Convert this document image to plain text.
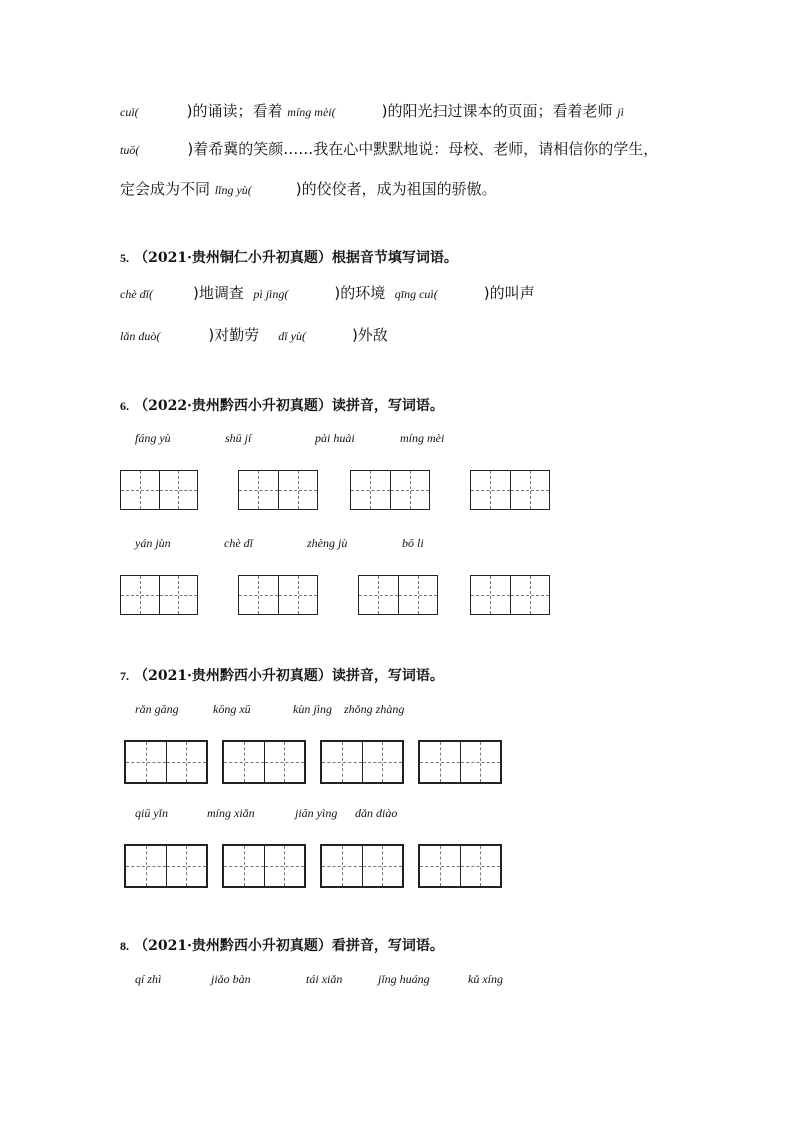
cuì(	)的诵读；看着 míng mèi(	)的阳光扫过课本的页面；看着老师 jì
tuō(	)着希冀的笑颜……我在心中默默地说：母校、老师，请相信你的学生，
定会成为不同 lǐng yù(	)的佼佼者，成为祖国的骄傲。
5. （2021·贵州铜仁小升初真题）根据音节填写词语。
chè dǐ(	)地调查  pì jìng(	)的环境  qīng cuì(	)的叫声
lǎn duò(	)对勤劳    dǐ yù(	)外敌
6. （2022·贵州黔西小升初真题）读拼音，写词语。
fáng yù	shū jí	pài huài	míng mèi
yán jùn	chè dǐ	zhèng jù	bō li
7. （2021·贵州黔西小升初真题）读拼音，写词语。
rǎn gāng	kōng xū	kùn jìng zhǒng zhàng
qiū yǐn	míng xiǎn	jiān yìng dǎn diào
8. （2021·贵州黔西小升初真题）看拼音，写词语。
qí zhì	jiǎo bàn	tái xiǎn	jǐng huáng	kǔ xíng
